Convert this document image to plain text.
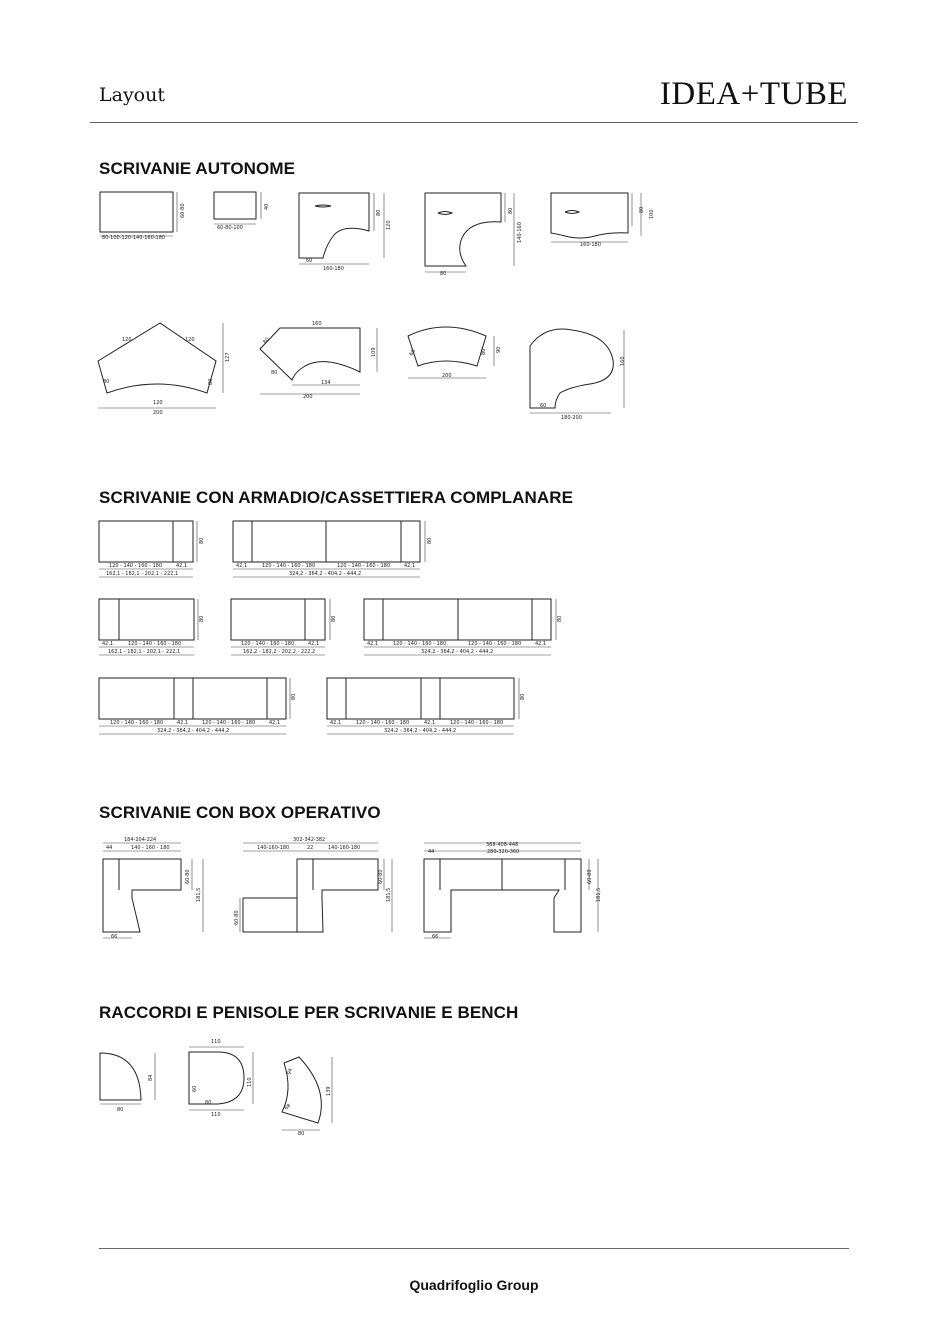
Layout	IDEA+TUBE
SCRIVANIE AUTONOME
SCRIVANIE CON ARMADIO/CASSETTIERA COMPLANARE
SCRIVANIE CON BOX OPERATIVO
RACCORDI E PENISOLE PER SCRIVANIE E BENCH
80-100-120-140-160-180
60-80
60-80-100
40
60
160-180
80
120
80
80
140-160
160-180
80 100
120	120
80	80
120
200
127
160
80
80
134
200
109	68	80
200
90
60
180-200
160
120 - 140 - 160 - 180	42,1
162,1 - 182,1 - 202,1 - 222,1
80
42,1	120 - 140 - 160 - 180	120 - 140 - 160 - 180	42,1
324,2 - 364,2 - 404,2 - 444,2
80
42,1	120 - 140 - 160 - 180
162,1 - 182,1 - 202,1 - 222,1
80
120 - 140 - 160 - 180	42,1
162,2 - 182,2 - 202,2 - 222,2
80
42,1	120 - 140 - 160 - 180	120 - 140 - 160 - 180	42,1
324,2 - 364,2 - 404,2 - 444,2
80
120 - 140 - 160 - 180	42,1	120 - 140 - 160 - 180	42,1
324,2 - 364,2 - 404,2 - 444,2
80
42,1	120 - 140 - 160 - 180	42,1	120 - 140 - 160 - 180
324,2 - 364,2 - 404,2 - 444,2
80
184-204-224
44	140 - 160 - 180
60-80
181,5
66
302-342-382
140-160-180	22	140-160-180
60-80
60-80
181,5
368-408-448
44	280-320-360
60-80
181,5
66
80
84
110
60
110
80
110
94
68
139
80
Quadrifoglio Group
